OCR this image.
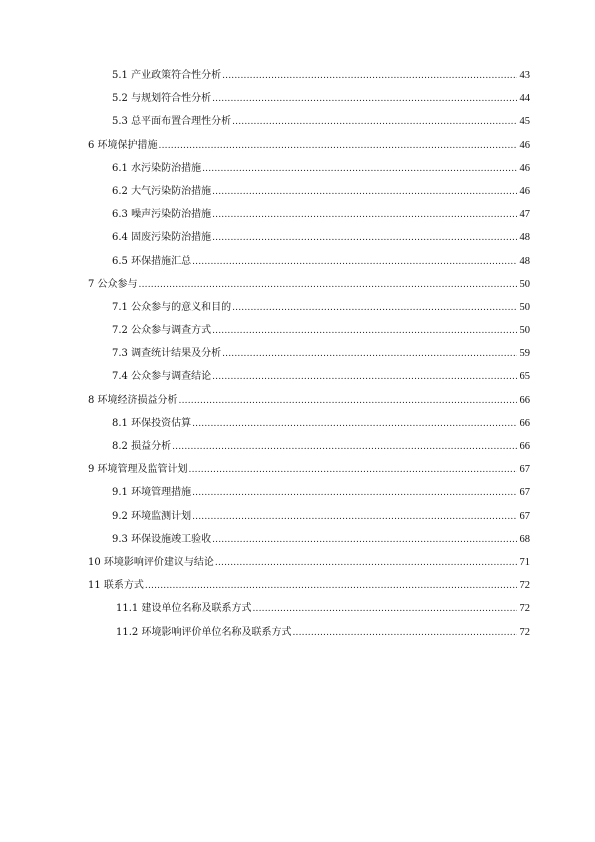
5.1 产业政策符合性分析 .....	43
5.2 与规划符合性分析 .....	44
5.3 总平面布置合理性分析 .....	45
6 环境保护措施 .....	46
6.1 水污染防治措施 .....	46
6.2 大气污染防治措施 .....	46
6.3 噪声污染防治措施 .....	47
6.4 固废污染防治措施 .....	48
6.5 环保措施汇总 .....	48
7 公众参与 .....	50
7.1 公众参与的意义和目的 .....	50
7.2 公众参与调查方式 .....	50
7.3 调查统计结果及分析 .....	59
7.4 公众参与调查结论 .....	65
8 环境经济损益分析 .....	66
8.1 环保投资估算 .....	66
8.2 损益分析 .....	66
9 环境管理及监管计划 .....	67
9.1 环境管理措施 .....	67
9.2 环境监测计划 .....	67
9.3 环保设施竣工验收 .....	68
10 环境影响评价建议与结论 .....	71
11 联系方式 .....	72
11.1 建设单位名称及联系方式 .....	72
11.2 环境影响评价单位名称及联系方式 .....	72
